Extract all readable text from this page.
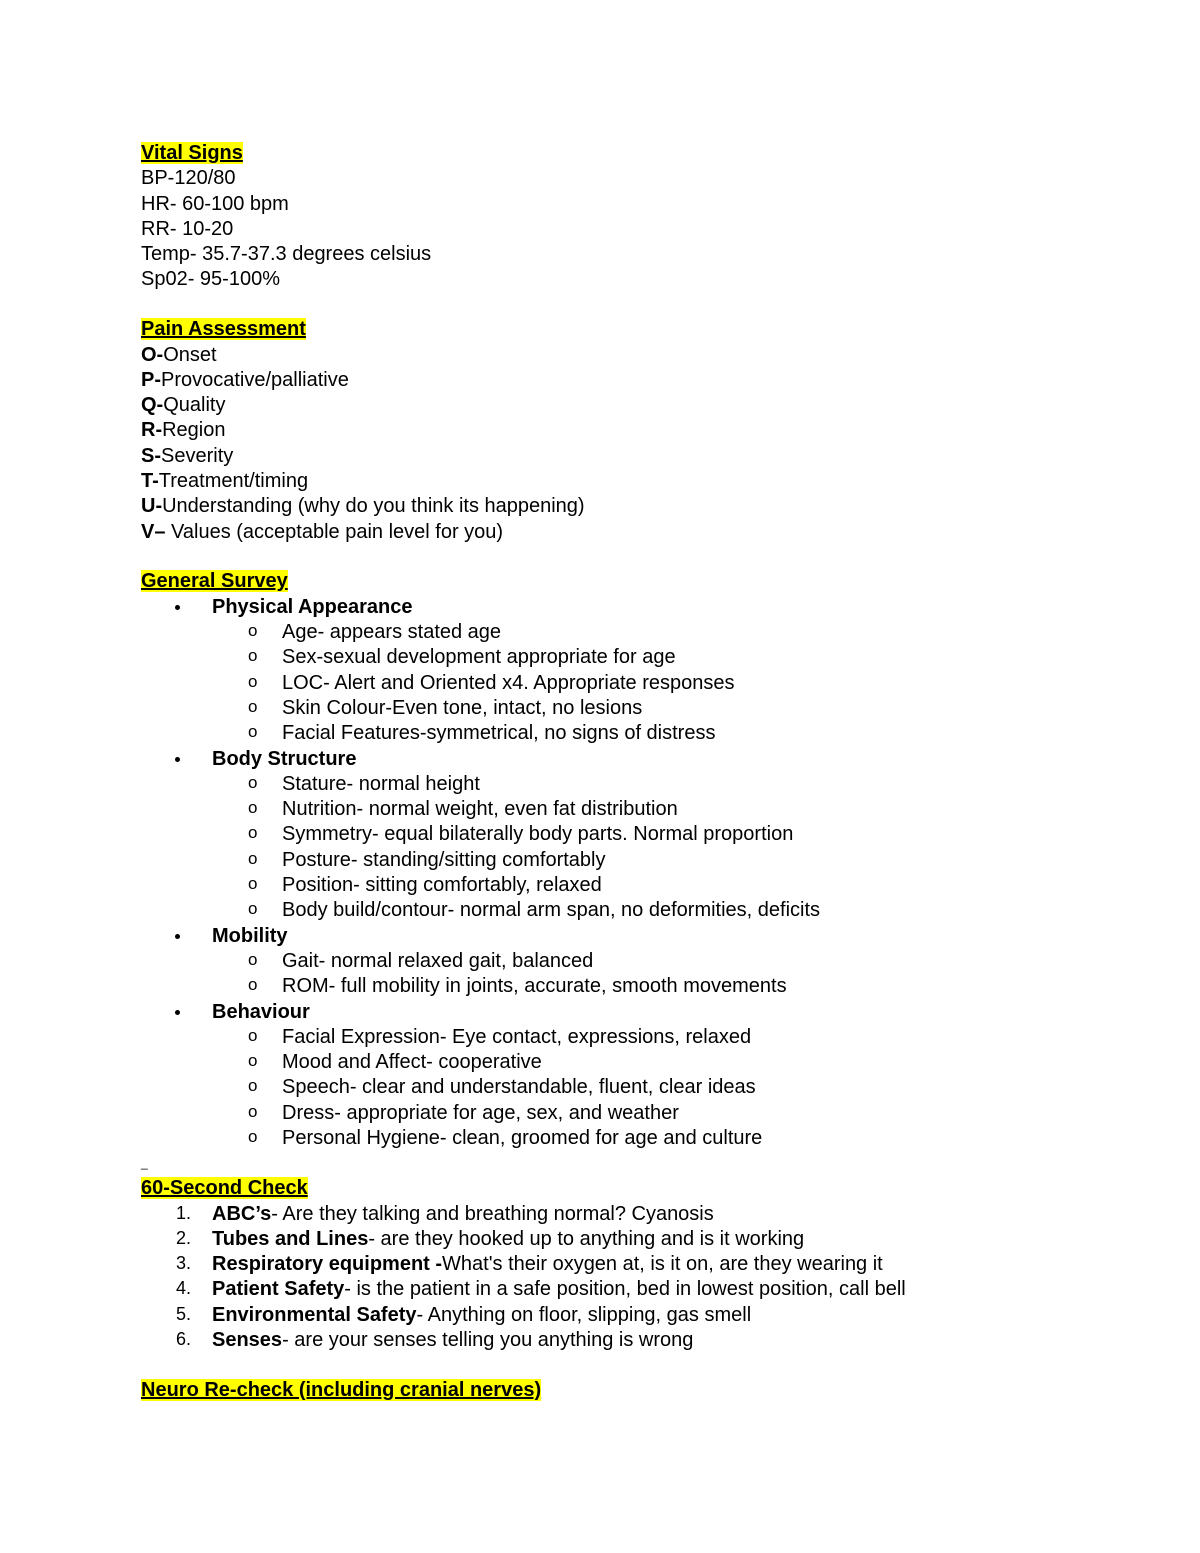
Vital Signs
BP-120/80
HR- 60-100 bpm
RR- 10-20
Temp- 35.7-37.3 degrees celsius
Sp02- 95-100%
Pain Assessment
O-Onset
P-Provocative/palliative
Q-Quality
R-Region
S-Severity
T-Treatment/timing
U-Understanding (why do you think its happening)
V– Values (acceptable pain level for you)
General Survey
Physical Appearance
o Age- appears stated age
o Sex-sexual development appropriate for age
o LOC- Alert and Oriented x4. Appropriate responses
o Skin Colour-Even tone, intact, no lesions
o Facial Features-symmetrical, no signs of distress
Body Structure
o Stature- normal height
o Nutrition- normal weight, even fat distribution
o Symmetry- equal bilaterally body parts. Normal proportion
o Posture- standing/sitting comfortably
o Position- sitting comfortably, relaxed
o Body build/contour- normal arm span, no deformities, deficits
Mobility
o Gait- normal relaxed gait, balanced
o ROM- full mobility in joints, accurate, smooth movements
Behaviour
o Facial Expression- Eye contact, expressions, relaxed
o Mood and Affect- cooperative
o Speech- clear and understandable, fluent, clear ideas
o Dress- appropriate for age, sex, and weather
o Personal Hygiene- clean, groomed for age and culture
_
60-Second Check
1. ABC’s- Are they talking and breathing normal? Cyanosis
2. Tubes and Lines- are they hooked up to anything and is it working
3. Respiratory equipment -What's their oxygen at, is it on, are they wearing it
4. Patient Safety- is the patient in a safe position, bed in lowest position, call bell
5. Environmental Safety- Anything on floor, slipping, gas smell
6. Senses- are your senses telling you anything is wrong
Neuro Re-check (including cranial nerves)
